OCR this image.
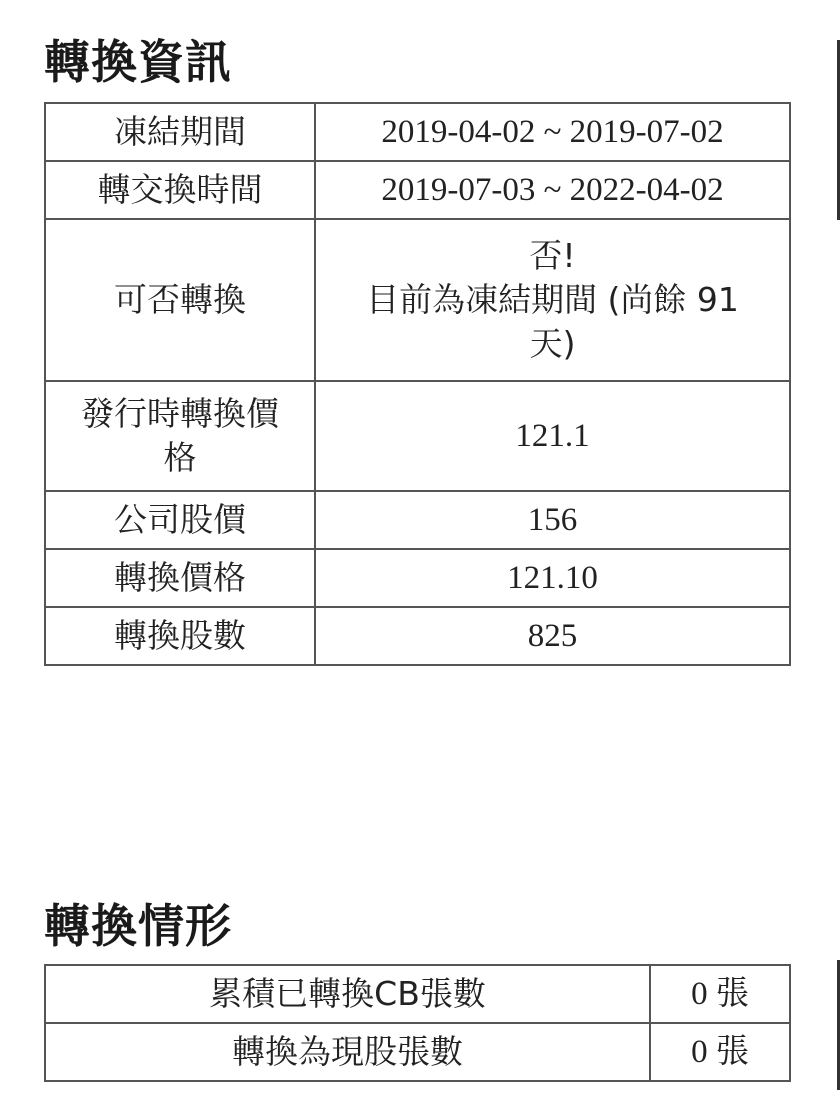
轉換資訊
凍結期間	2019-04-02 ~ 2019-07-02
轉交換時間	2019-07-03 ~ 2022-04-02
可否轉換	否!
目前為凍結期間 (尚餘 91
天)

發行時轉換價
格	121.1
公司股價	156
轉換價格	121.10
轉換股數	825
轉換情形
累積已轉換CB張數	0 張
轉換為現股張數	0 張
